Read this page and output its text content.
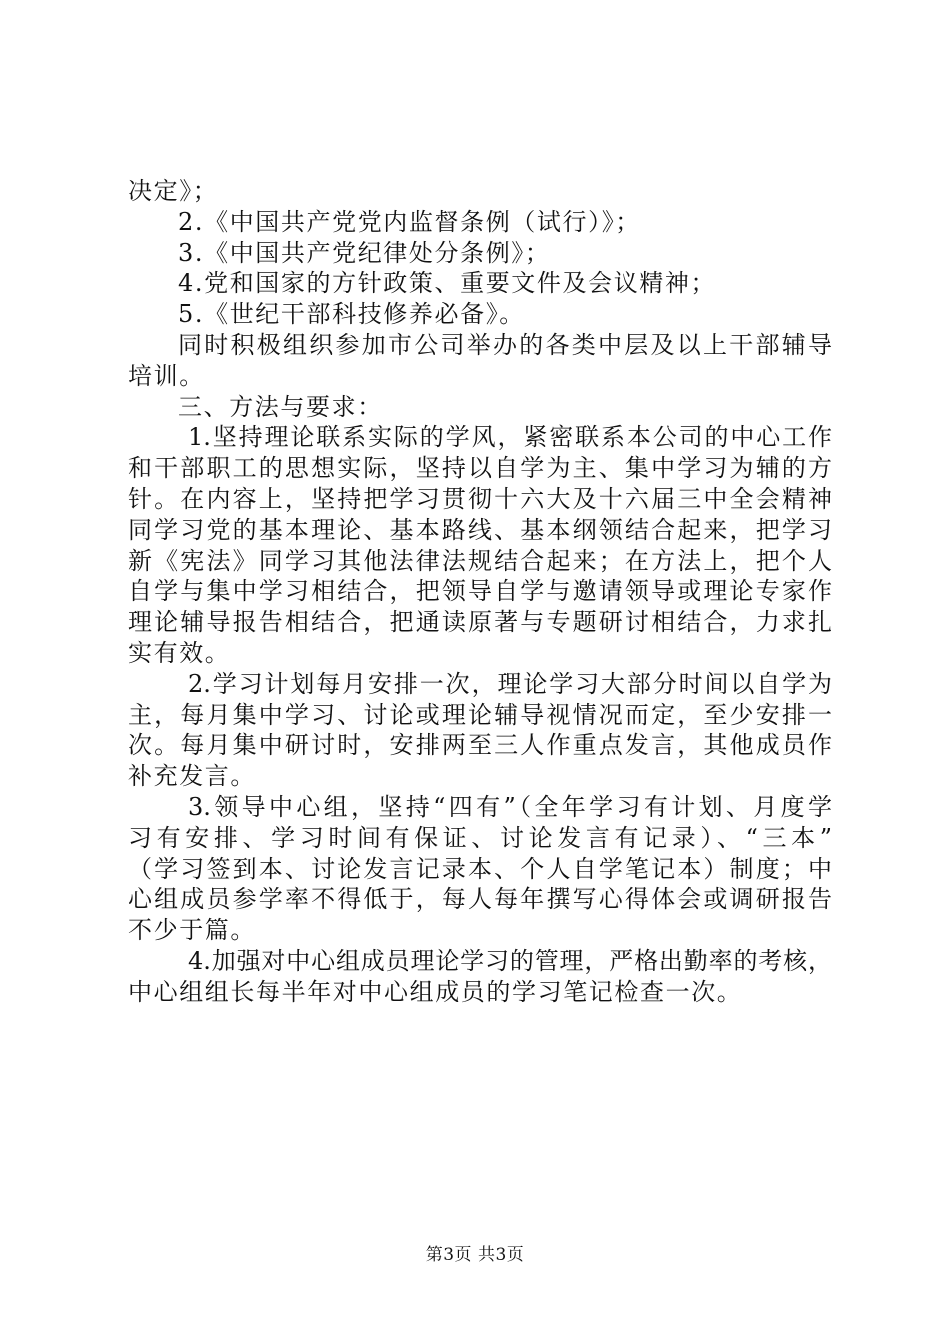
决定》；
2.《中国共产党党内监督条例（试行）》；
3.《中国共产党纪律处分条例》；
4.党和国家的方针政策、重要文件及会议精神；
5.《世纪干部科技修养必备》。
同时积极组织参加市公司举办的各类中层及以上干部辅导
培训。
三、方法与要求：
1.坚持理论联系实际的学风，紧密联系本公司的中心工作
和干部职工的思想实际，坚持以自学为主、集中学习为辅的方
针。在内容上，坚持把学习贯彻十六大及十六届三中全会精神
同学习党的基本理论、基本路线、基本纲领结合起来，把学习
新《宪法》同学习其他法律法规结合起来；在方法上，把个人
自学与集中学习相结合，把领导自学与邀请领导或理论专家作
理论辅导报告相结合，把通读原著与专题研讨相结合，力求扎
实有效。
2.学习计划每月安排一次，理论学习大部分时间以自学为
主，每月集中学习、讨论或理论辅导视情况而定，至少安排一
次。每月集中研讨时，安排两至三人作重点发言，其他成员作
补充发言。
3.领导中心组，坚持“四有”（全年学习有计划、月度学
习有安排、学习时间有保证、讨论发言有记录）、“三本”
（学习签到本、讨论发言记录本、个人自学笔记本）制度；中
心组成员参学率不得低于，每人每年撰写心得体会或调研报告
不少于篇。
4.加强对中心组成员理论学习的管理，严格出勤率的考核，
中心组组长每半年对中心组成员的学习笔记检查一次。
第3页 共3页
